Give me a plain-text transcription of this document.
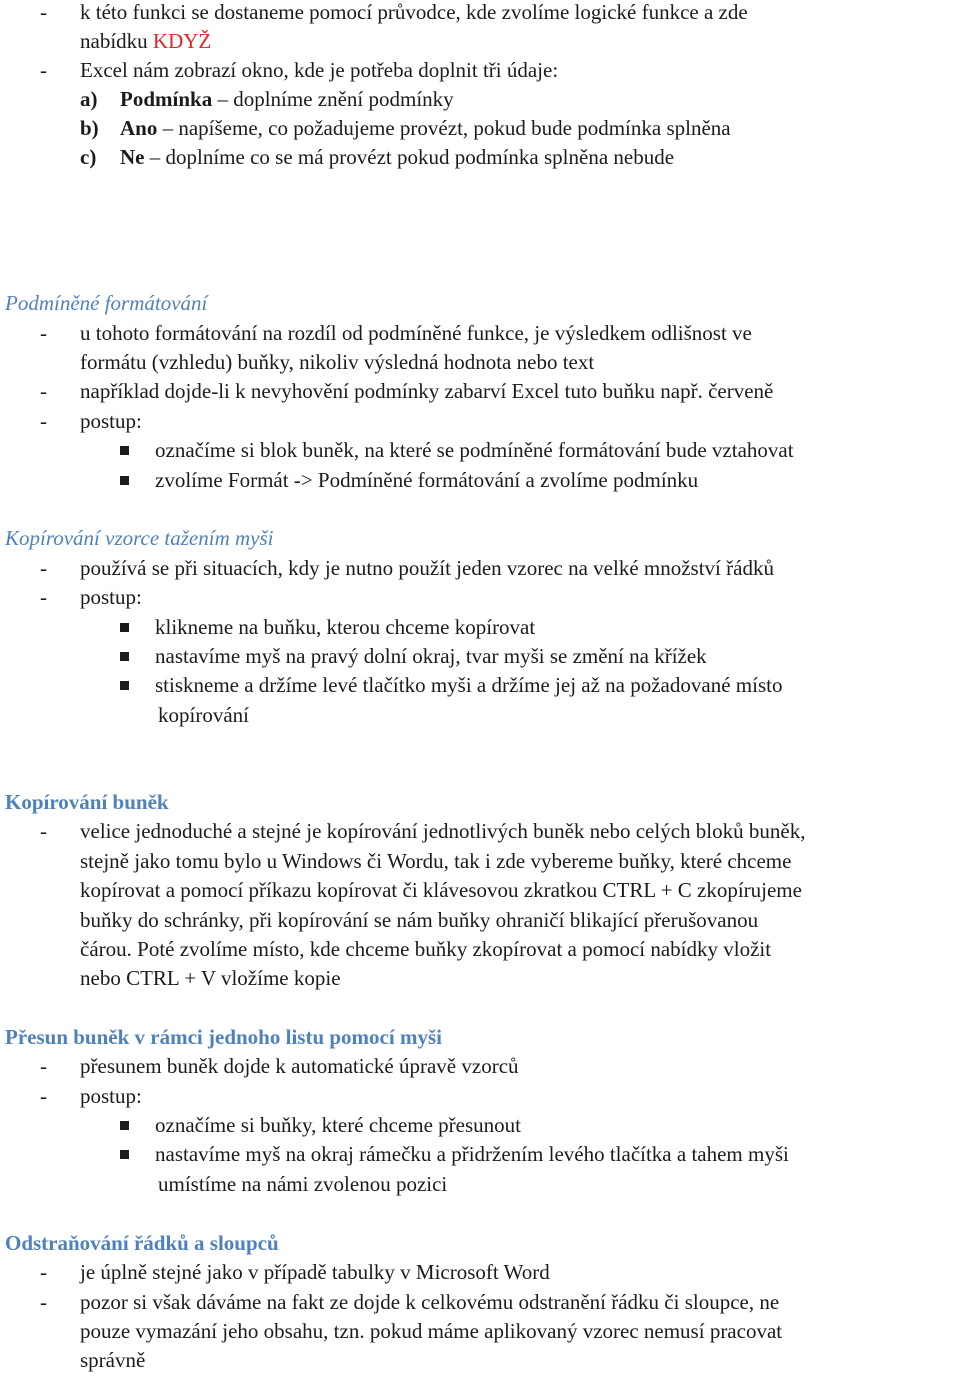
- k této funkci se dostaneme pomocí průvodce, kde zvolíme logické funkce a zde
nabídku KDYŽ
- Excel nám zobrazí okno, kde je potřeba doplnit tři údaje:
a) Podmínka – doplníme znění podmínky
b) Ano – napíšeme, co požadujeme provézt, pokud bude podmínka splněna
c) Ne – doplníme co se má provézt pokud podmínka splněna nebude
Podmíněné formátování
- u tohoto formátování na rozdíl od podmíněné funkce, je výsledkem odlišnost ve
formátu (vzhledu) buňky, nikoliv výsledná hodnota nebo text
- například dojde-li k nevyhovění podmínky zabarví Excel tuto buňku např. červeně
- postup:
označíme si blok buněk, na které se podmíněné formátování bude vztahovat
zvolíme Formát -> Podmíněné formátování a zvolíme podmínku
Kopírování vzorce tažením myši
- používá se při situacích, kdy je nutno použít jeden vzorec na velké množství řádků
- postup:
klikneme na buňku, kterou chceme kopírovat
nastavíme myš na pravý dolní okraj, tvar myši se změní na křížek
stiskneme a držíme levé tlačítko myši a držíme jej až na požadované místo
kopírování
Kopírování buněk
- velice jednoduché a stejné je kopírování jednotlivých buněk nebo celých bloků buněk,
stejně jako tomu bylo u Windows či Wordu, tak i zde vybereme buňky, které chceme
kopírovat a pomocí příkazu kopírovat či klávesovou zkratkou CTRL + C zkopírujeme
buňky do schránky, při kopírování se nám buňky ohraničí blikající přerušovanou
čárou. Poté zvolíme místo, kde chceme buňky zkopírovat a pomocí nabídky vložit
nebo CTRL + V vložíme kopie
Přesun buněk v rámci jednoho listu pomocí myši
- přesunem buněk dojde k automatické úpravě vzorců
- postup:
označíme si buňky, které chceme přesunout
nastavíme myš na okraj rámečku a přidržením levého tlačítka a tahem myši
umístíme na námi zvolenou pozici
Odstraňování řádků a sloupců
- je úplně stejné jako v případě tabulky v Microsoft Word
- pozor si však dáváme na fakt ze dojde k celkovému odstranění řádku či sloupce, ne
pouze vymazání jeho obsahu, tzn. pokud máme aplikovaný vzorec nemusí pracovat
správně
